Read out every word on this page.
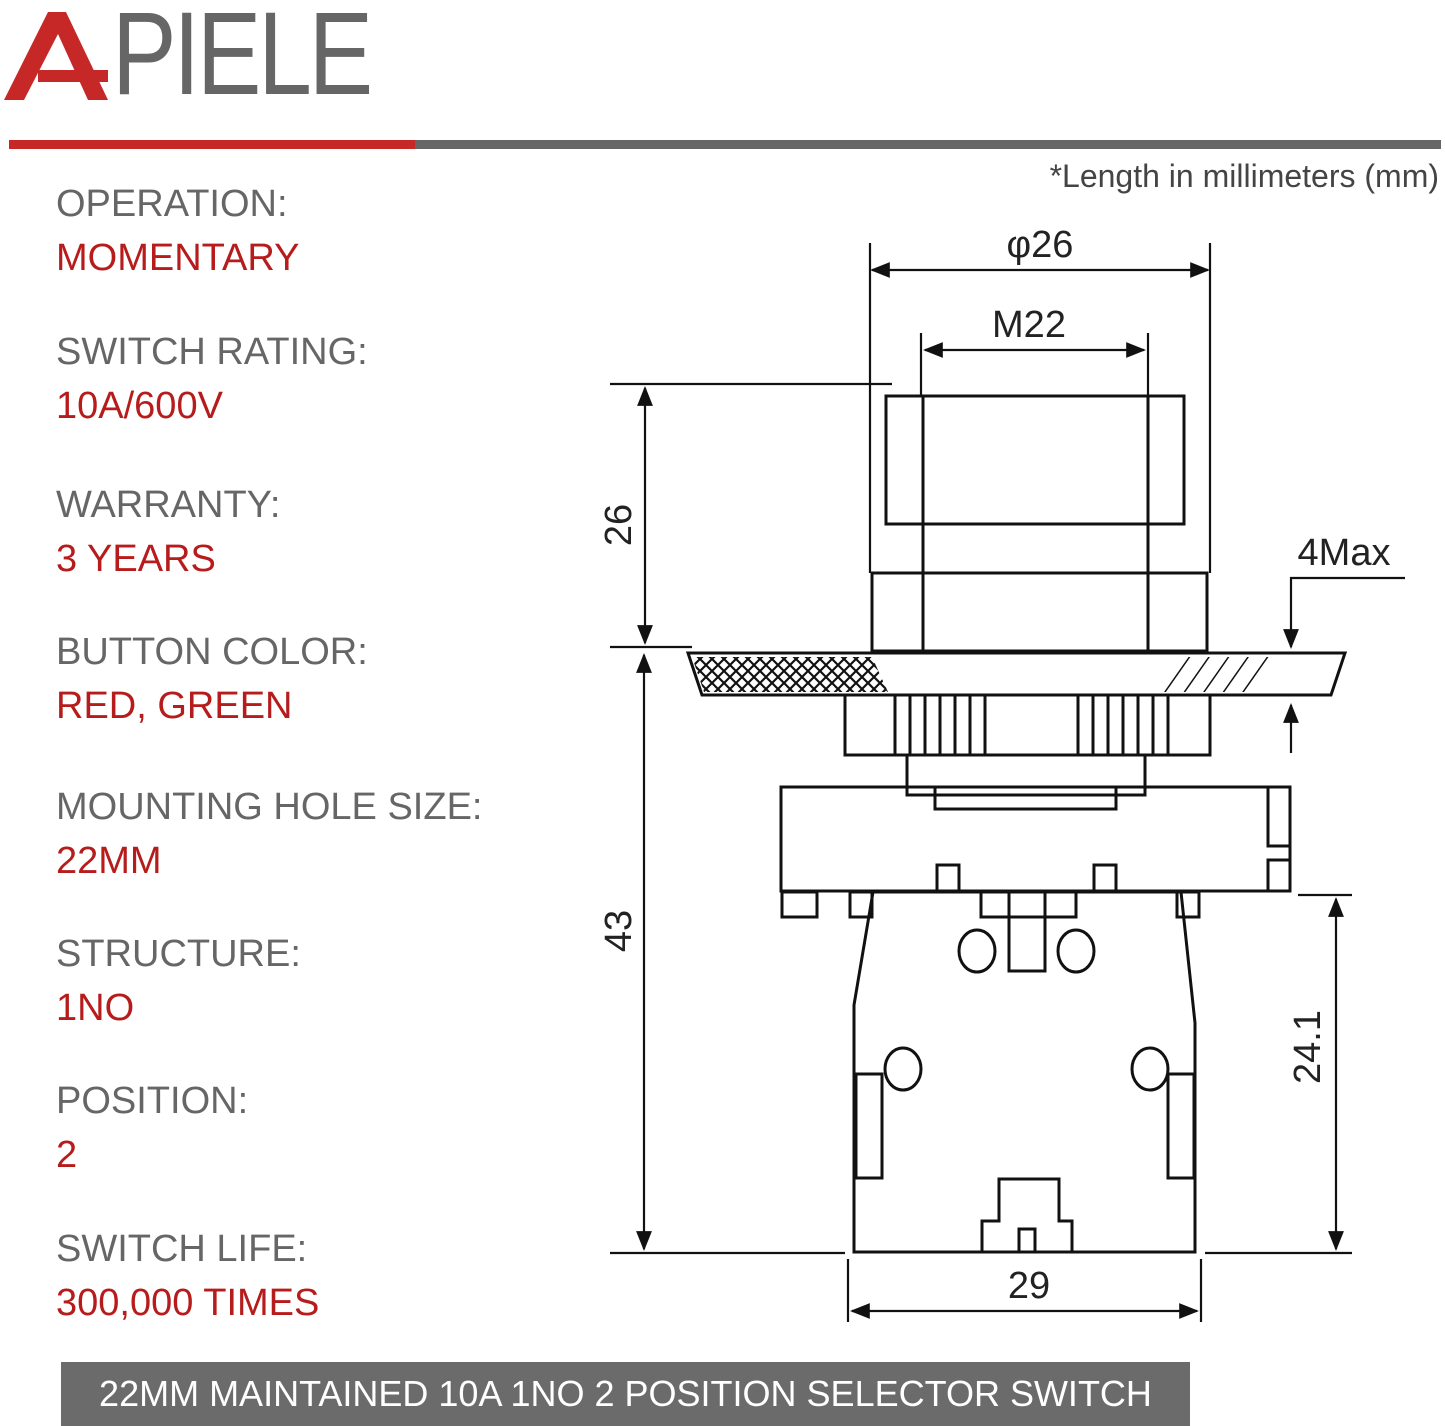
PIELE
*Length in millimeters (mm)
OPERATION:
MOMENTARY
SWITCH RATING:
10A/600V
WARRANTY:
3 YEARS
BUTTON COLOR:
RED, GREEN
MOUNTING HOLE SIZE:
22MM
STRUCTURE:
1NO
POSITION:
2
SWITCH LIFE:
300,000 TIMES
φ26
M22
4Max
29
26
43
24.1
22MM MAINTAINED 10A 1NO 2 POSITION SELECTOR SWITCH
